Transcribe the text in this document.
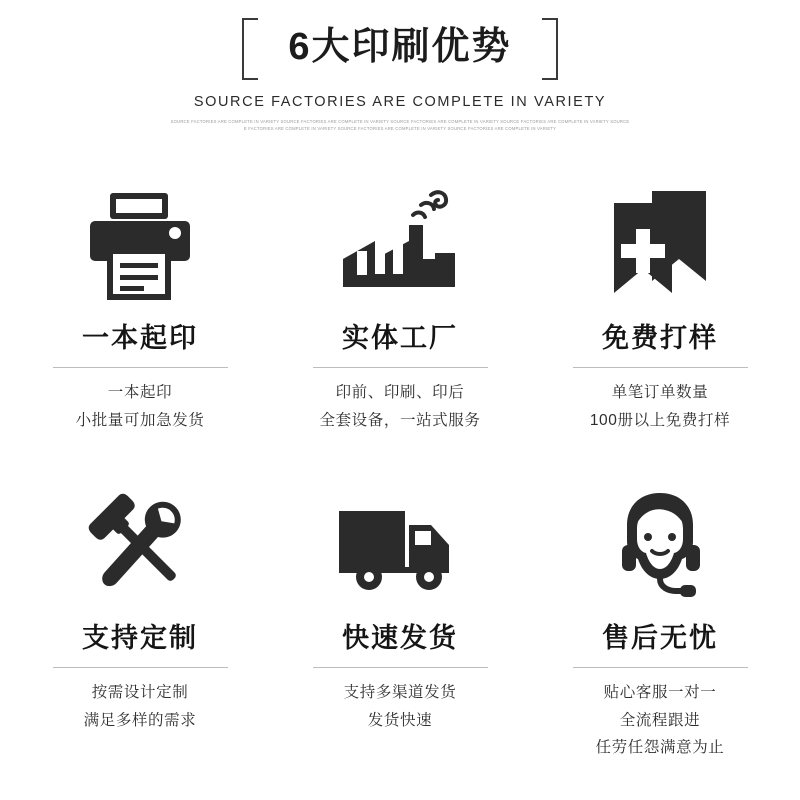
6大印刷优势
SOURCE FACTORIES ARE COMPLETE IN VARIETY
SOURCE FACTORIES ARE COMPLETE IN VARIETY SOURCE FACTORIES ARE COMPLETE IN VARIETY SOURCE FACTORIES ARE COMPLETE IN VARIETY SOURCE FACTORIES ARE COMPLETE IN VARIETY SOURCE
E FACTORIES ARE COMPLETE IN VARIETY SOURCE FACTORIES ARE COMPLETE IN VARIETY SOURCE FACTORIES ARE COMPLETE IN VARIETY
一本起印
一本起印
小批量可加急发货
实体工厂
印前、印刷、印后
全套设备，一站式服务
免费打样
单笔订单数量
100册以上免费打样
支持定制
按需设计定制
满足多样的需求
快速发货
支持多渠道发货
发货快速
售后无忧
贴心客服一对一
全流程跟进
任劳任怨满意为止
